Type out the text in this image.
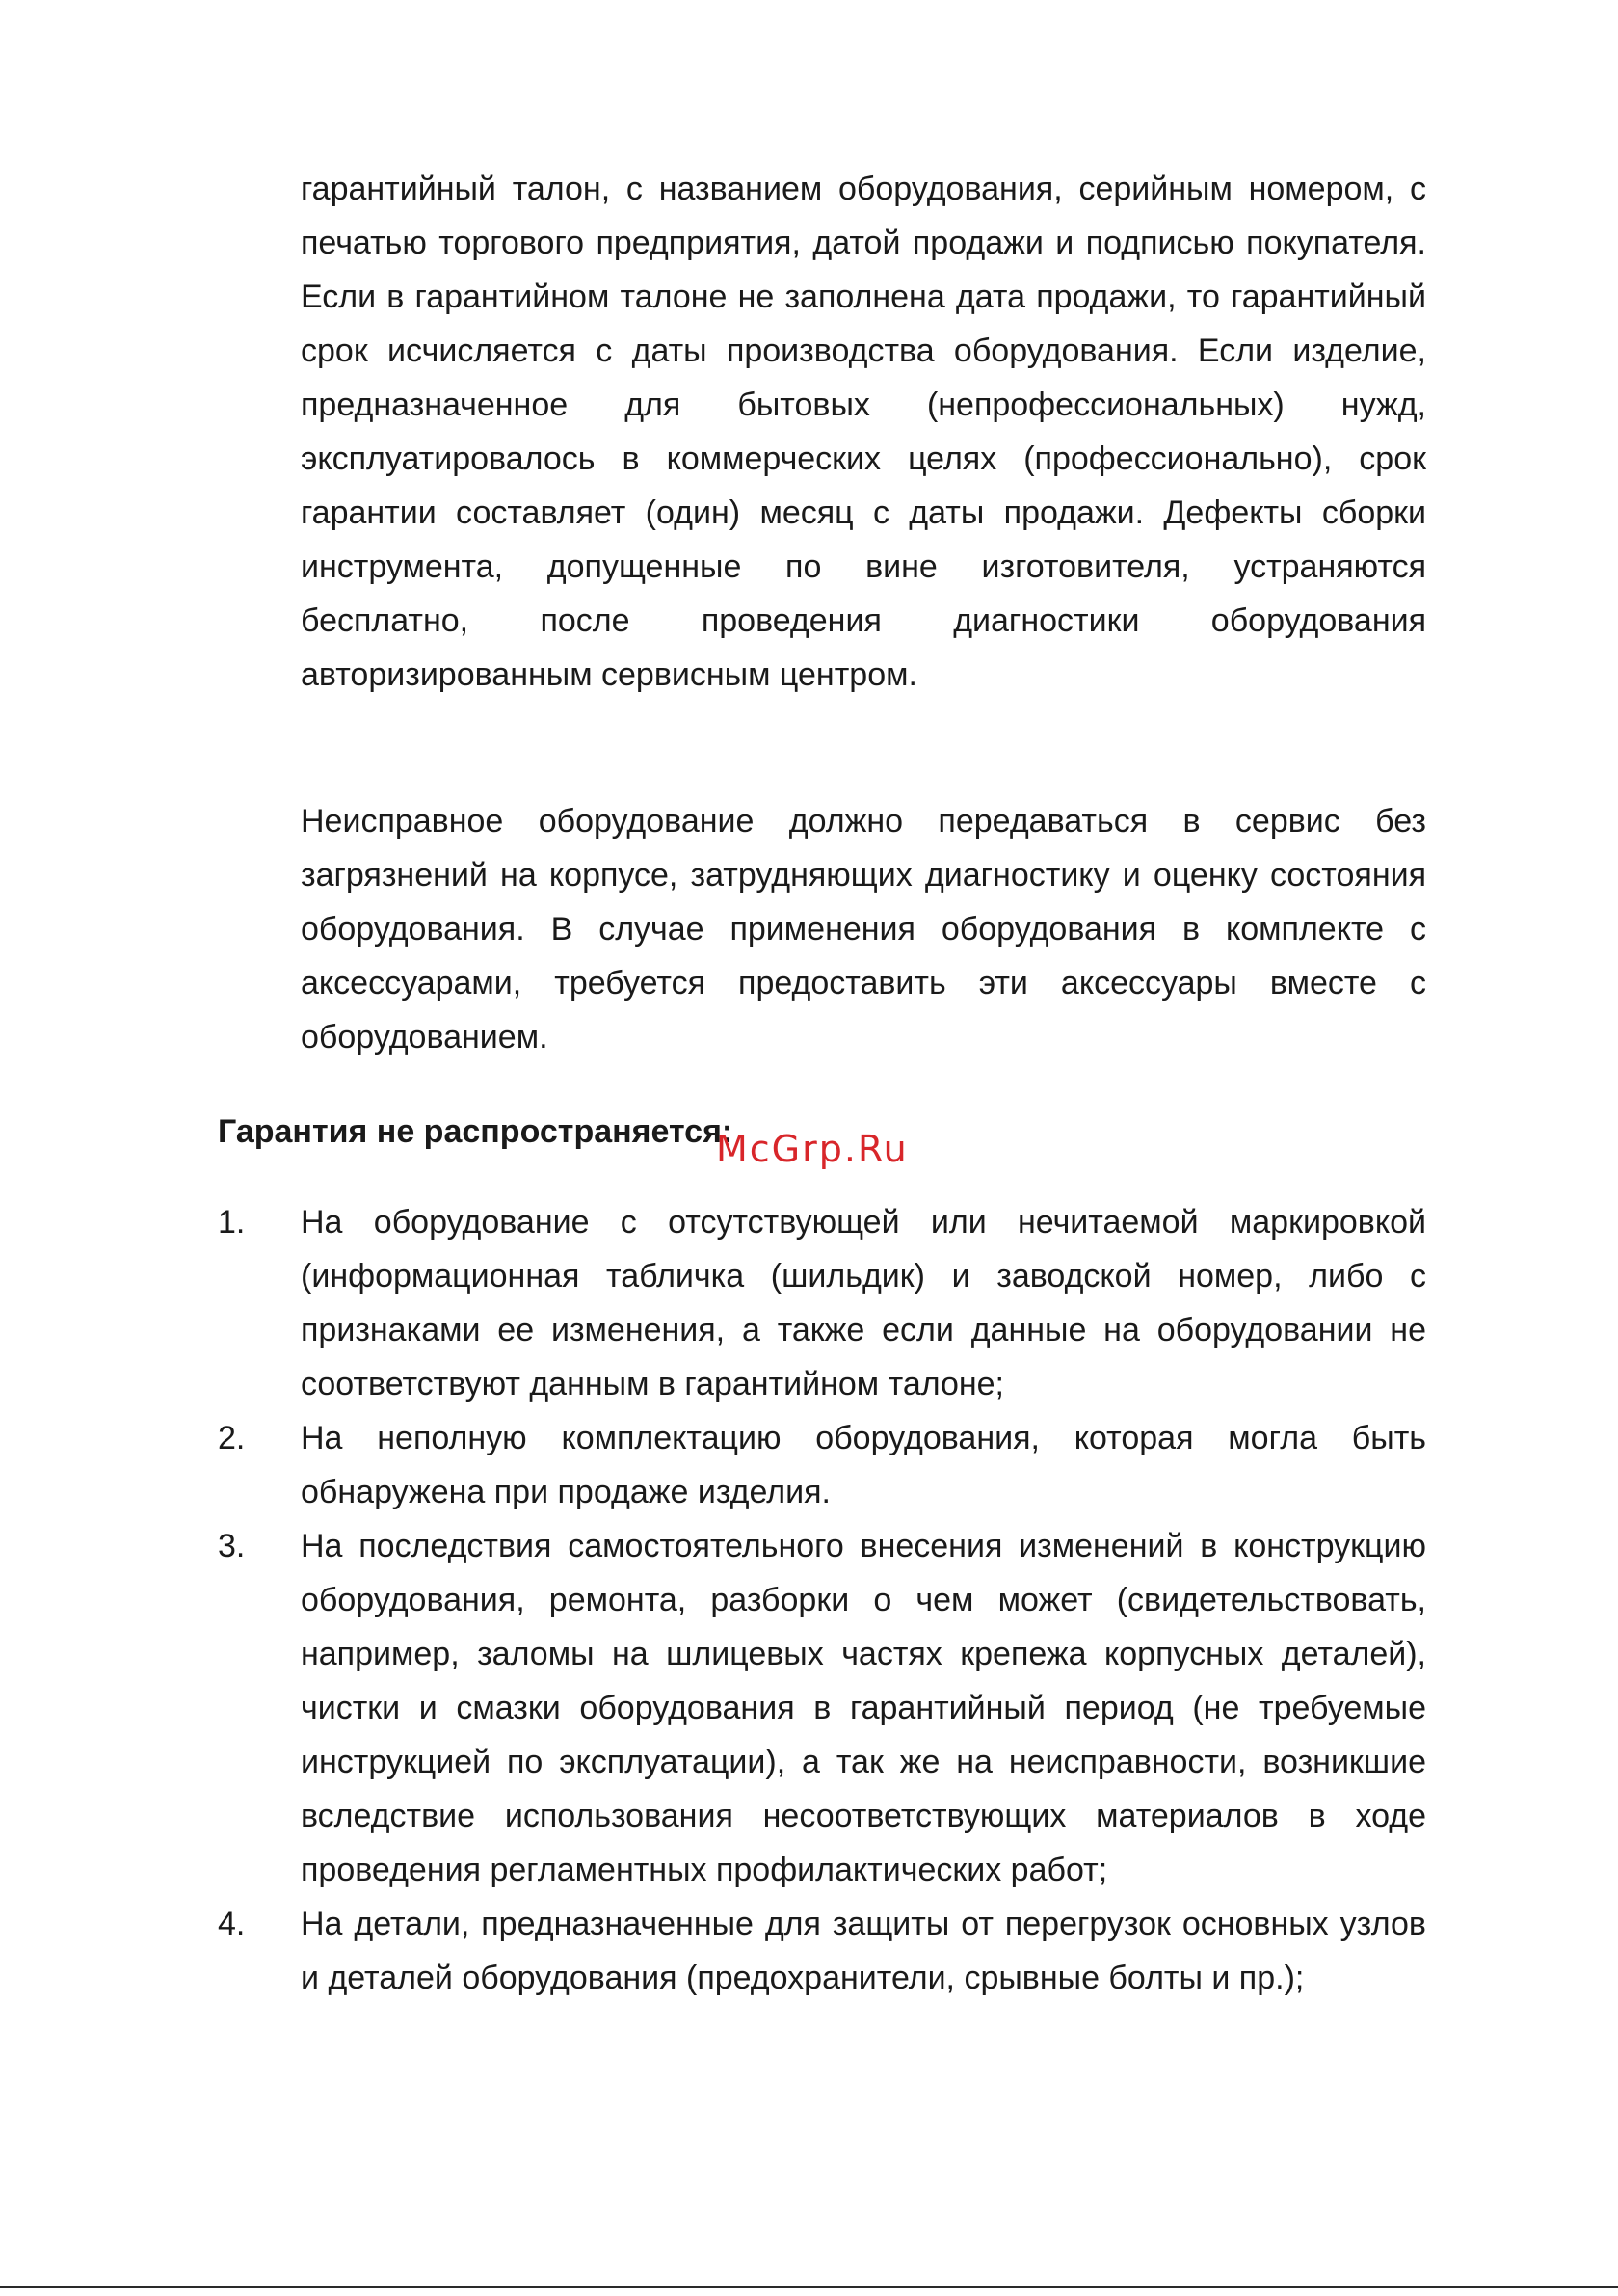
гарантийный талон, с названием оборудования, серийным номером, с печатью торгового предприятия, датой продажи и подписью покупателя. Если в гарантийном талоне не заполнена дата продажи, то гарантийный срок исчисляется с даты производства оборудования. Если изделие, предназначенное для бытовых (непрофессиональных) нужд, эксплуатировалось в коммерческих целях (профессионально), срок гарантии составляет (один) месяц с даты продажи. Дефекты сборки инструмента, допущенные по вине изготовителя, устраняются бесплатно, после проведения диагностики оборудования авторизированным сервисным центром.

Неисправное оборудование должно передаваться в сервис без загрязнений на корпусе, затрудняющих диагностику и оценку состояния оборудования. В случае применения оборудования в комплекте с аксессуарами, требуется предоставить эти аксессуары вместе с оборудованием.

Гарантия не распространяется:

McGrp.Ru
1.	На оборудование с отсутствующей или нечитаемой маркировкой (информационная табличка (шильдик) и заводской номер, либо с признаками ее изменения, а также если данные на оборудовании не соответствуют данным в гарантийном талоне;
2.	На неполную комплектацию оборудования, которая могла быть обнаружена при продаже изделия.
3.	На последствия самостоятельного внесения изменений в конструкцию оборудования, ремонта, разборки о чем может (свидетельствовать, например, заломы на шлицевых частях крепежа корпусных деталей), чистки и смазки оборудования в гарантийный период (не требуемые инструкцией по эксплуатации), а так же на неисправности, возникшие вследствие использования несоответствующих материалов в ходе проведения регламентных профилактических работ;
4.	На детали, предназначенные для защиты от перегрузок основных узлов и деталей оборудования (предохранители, срывные болты и пр.);
